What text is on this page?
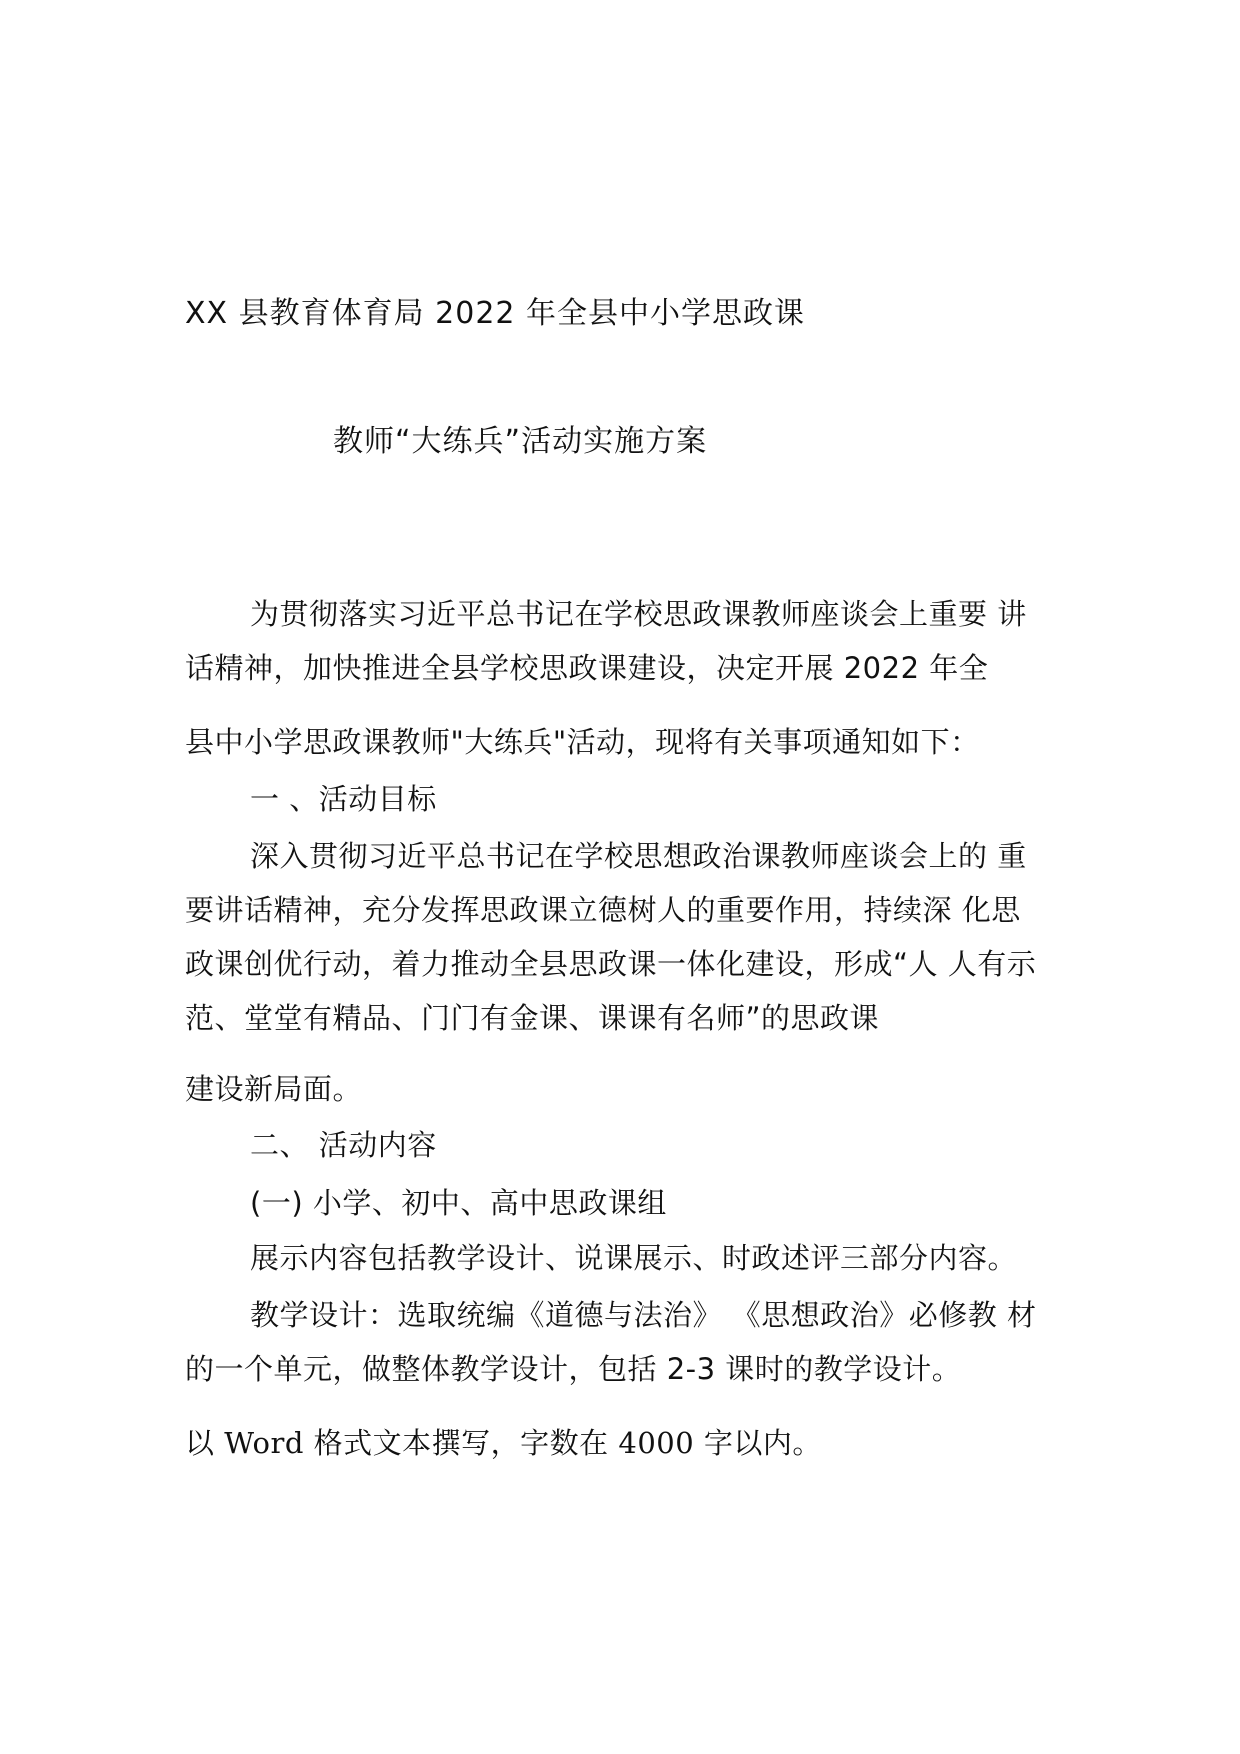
XX 县教育体育局 2022 年全县中小学思政课
教师“大练兵”活动实施方案
为贯彻落实习近平总书记在学校思政课教师座谈会上重要 讲
话精神，加快推进全县学校思政课建设，决定开展 2022 年全
县中小学思政课教师"大练兵"活动，现将有关事项通知如下：
一 、活动目标
深入贯彻习近平总书记在学校思想政治课教师座谈会上的 重
要讲话精神，充分发挥思政课立德树人的重要作用，持续深 化思
政课创优行动，着力推动全县思政课一体化建设，形成“人 人有示
范、堂堂有精品、门门有金课、课课有名师”的思政课
建设新局面。
二、 活动内容
(一) 小学、初中、高中思政课组
展示内容包括教学设计、说课展示、时政述评三部分内容。
教学设计：选取统编《道德与法治》 《思想政治》必修教 材
的一个单元，做整体教学设计，包括 2-3 课时的教学设计。
以 Word 格式文本撰写，字数在 4000 字以内。
